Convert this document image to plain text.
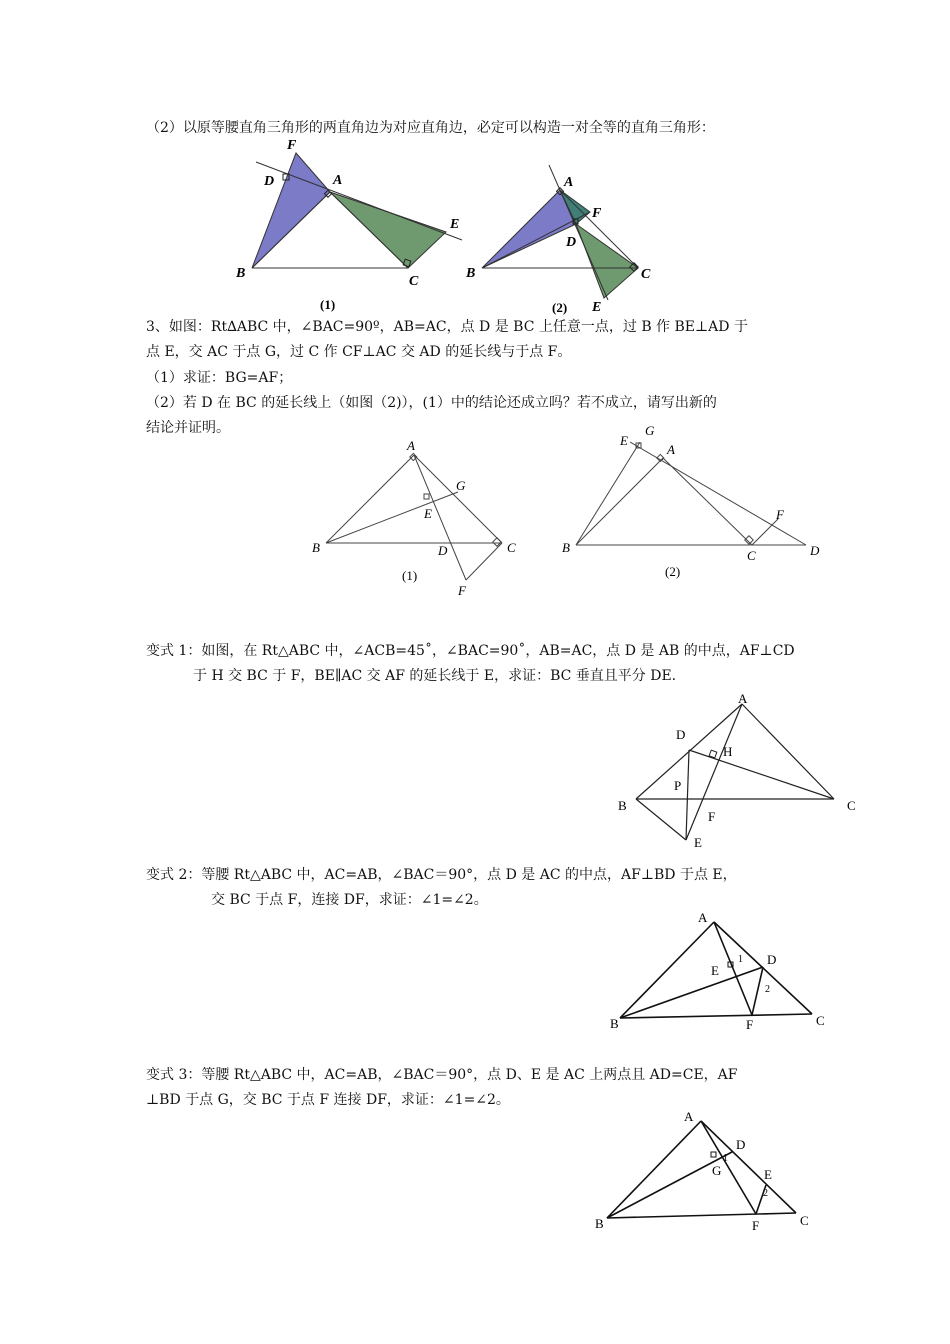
（2）以原等腰直角三角形的两直角边为对应直角边，必定可以构造一对全等的直角三角形：
F
D	A
E
B
C
(1)
A
F
D
B	C
E
(2)
3、如图：Rt∆ABC 中，∠BAC=90º，AB=AC，点 D 是 BC 上任意一点，过 B 作 BE⊥AD 于
点 E，交 AC 于点 G，过 C 作 CF⊥AC 交 AD 的延长线与于点 F。
（1）求证：BG=AF；
（2）若 D 在 BC 的延长线上（如图（2)），(1）中的结论还成立吗？若不成立，请写出新的
结论并证明。
A
G
E
B	D	C
F
(1)
E
G
A
F
B
C	D
(2)
变式 1：如图，在 Rt△ABC 中，∠ACB=45˚，∠BAC=90˚，AB=AC，点 D 是 AB 的中点，AF⊥CD
于 H 交 BC 于 F，BE∥AC 交 AF 的延长线于 E，求证：BC 垂直且平分 DE.
A
D
H
P
B	C
F
E
变式 2：等腰 Rt△ABC 中，AC=AB，∠BAC＝90°，点 D 是 AC 的中点，AF⊥BD 于点 E，
交 BC 于点 F，连接 DF，求证：∠1=∠2。
A
D
E
1
2
B	F	C
变式 3：等腰 Rt△ABC 中，AC=AB，∠BAC＝90°，点 D、E 是 AC 上两点且 AD=CE，AF
⊥BD 于点 G，交 BC 于点 F 连接 DF，求证：∠1=∠2。
A
D
G
1
E
2
B	F	C
